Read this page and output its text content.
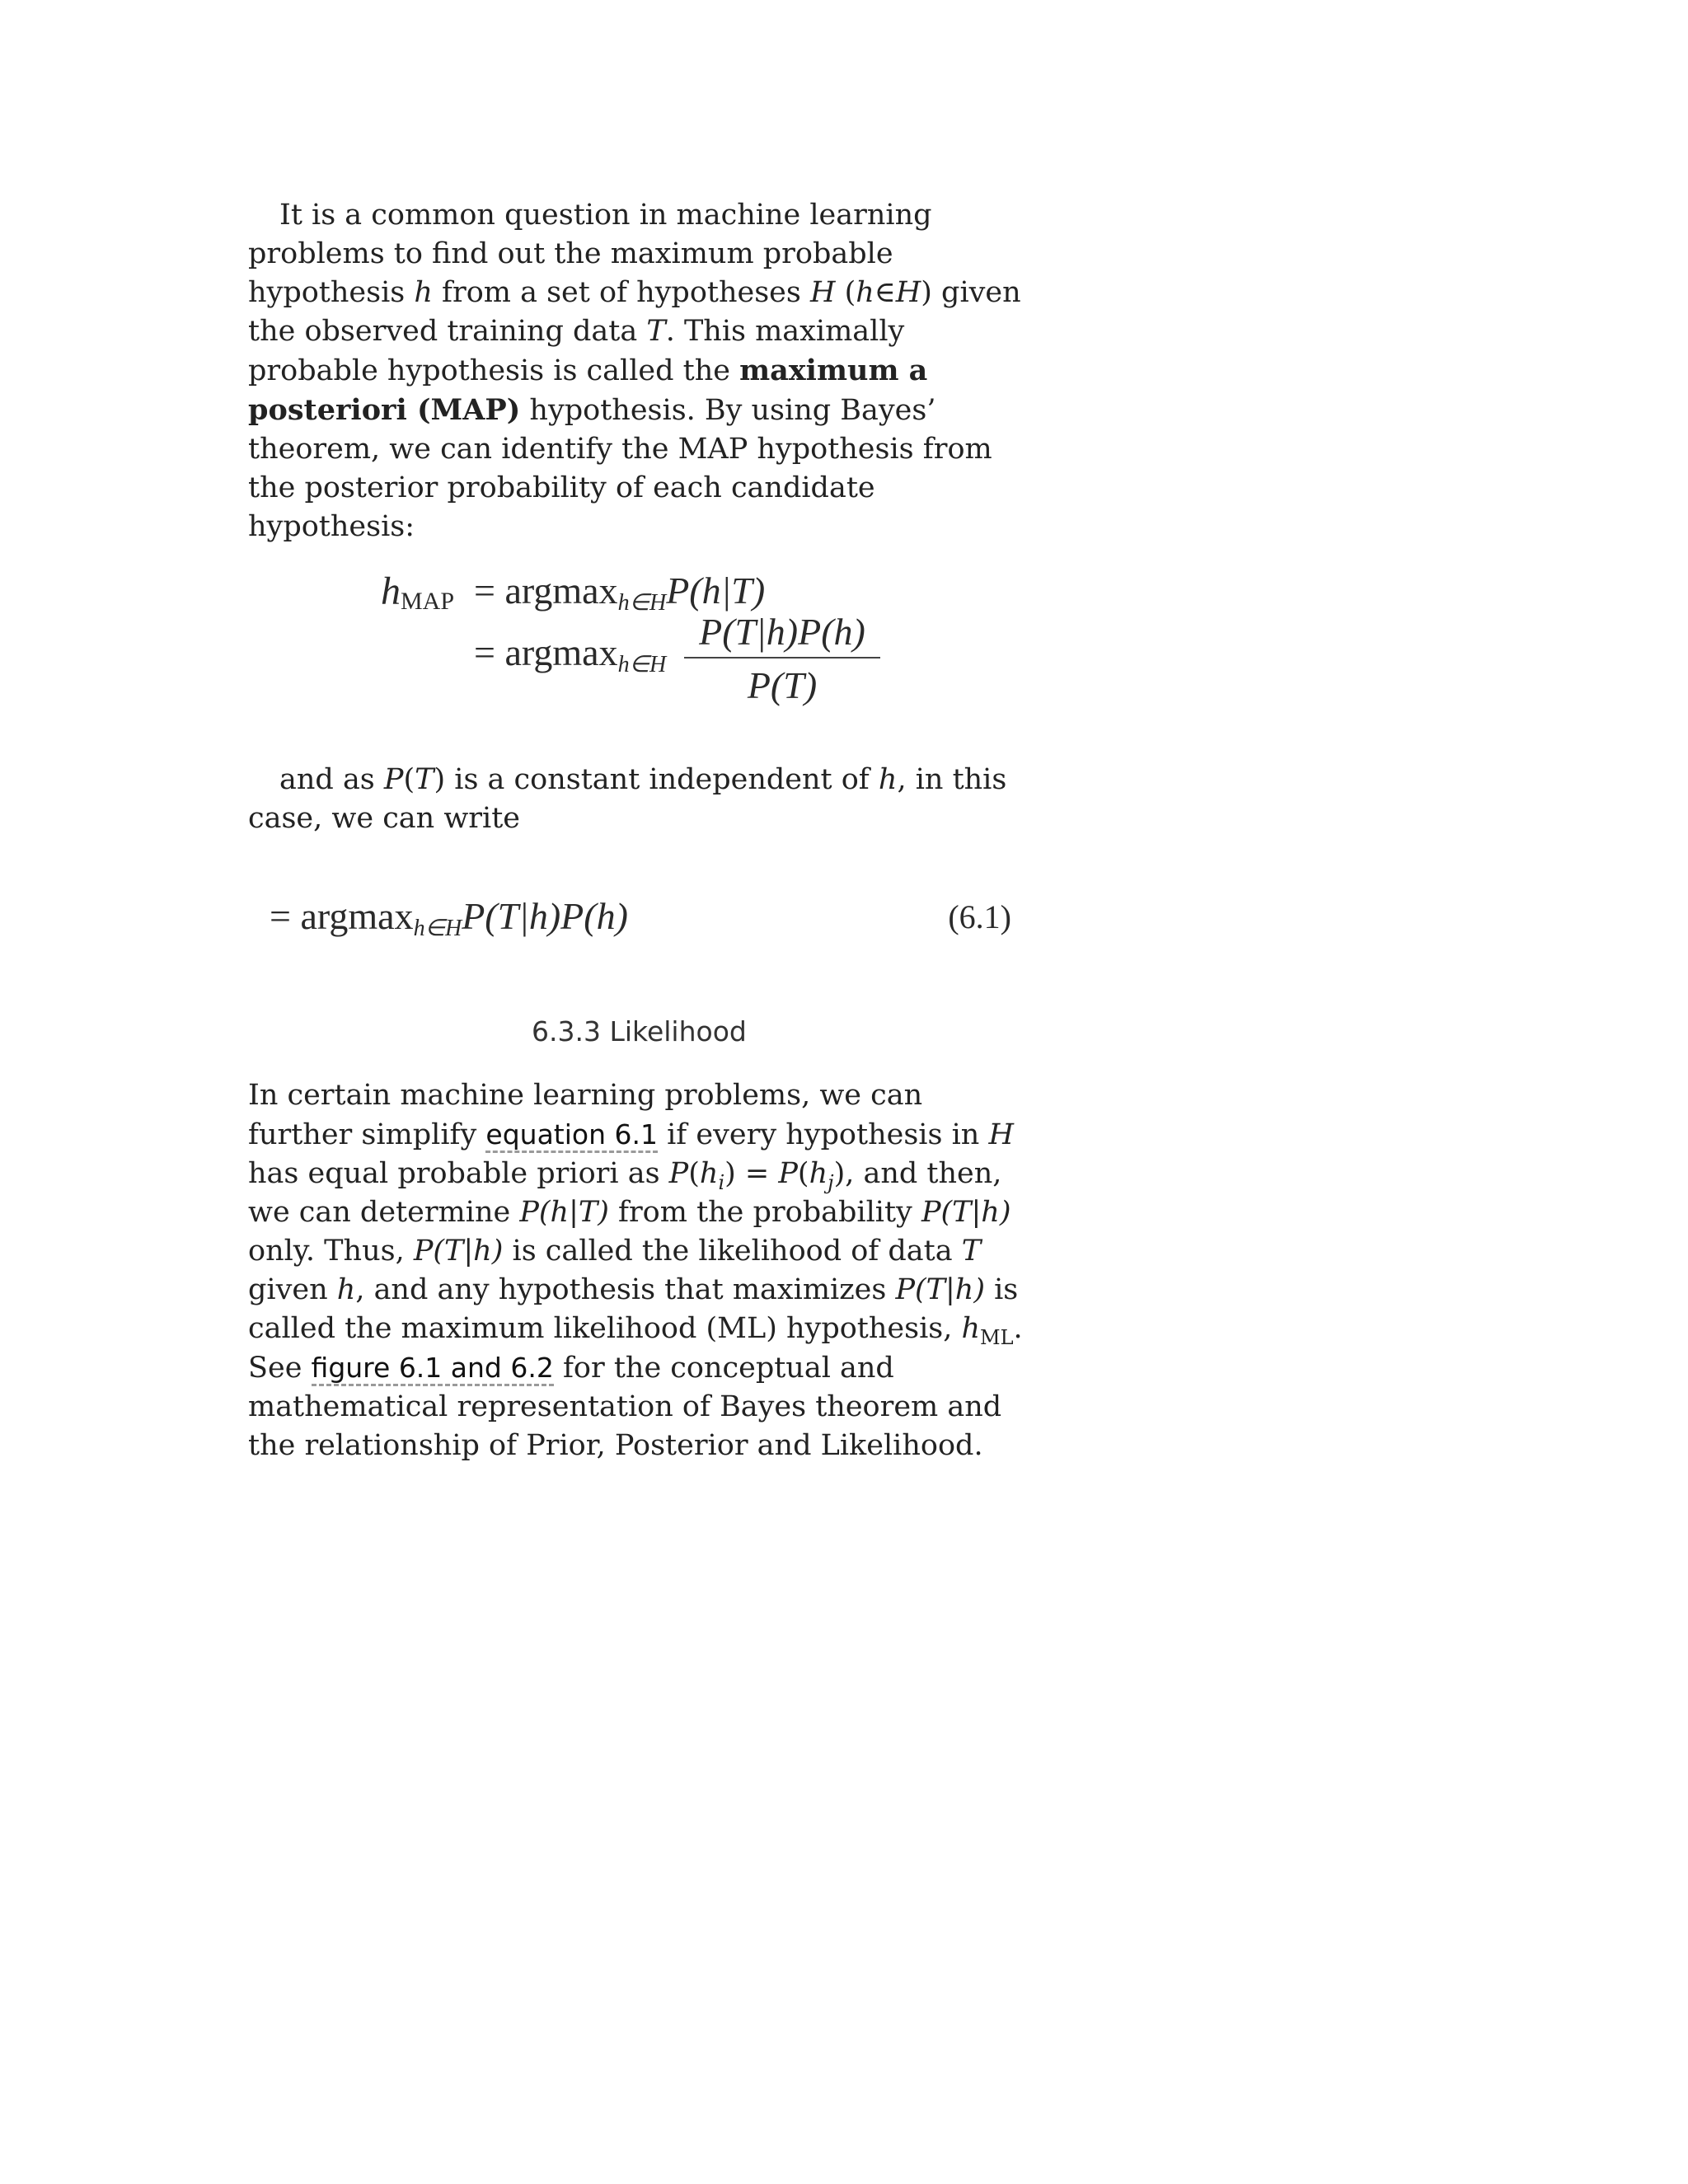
It is a common question in machine learning problems to find out the maximum probable hypothesis h from a set of hypotheses H (h∈H) given the observed training data T. This maximally probable hypothesis is called the maximum a posteriori (MAP) hypothesis. By using Bayes’ theorem, we can identify the MAP hypothesis from the posterior probability of each candidate hypothesis:

hMAP = argmaxh∈HP(h|T)
= argmaxh∈H
P(T|h)P(h)
P(T)

and as P(T) is a constant independent of h, in this case, we can write

= argmaxh∈HP(T|h)P(h)	(6.1)
6.3.3 Likelihood

In certain machine learning problems, we can further simplify equation 6.1 if every hypothesis in H has equal probable priori as $P(h_i) = P(h_j)$, and then, we can determine P(h|T) from the probability P(T|h) only. Thus, P(T|h) is called the likelihood of data T given h, and any hypothesis that maximizes P(T|h) is called the maximum likelihood (ML) hypothesis, $h_{ML}$. See figure 6.1 and 6.2 for the conceptual and mathematical representation of Bayes theorem and the relationship of Prior, Posterior and Likelihood.
